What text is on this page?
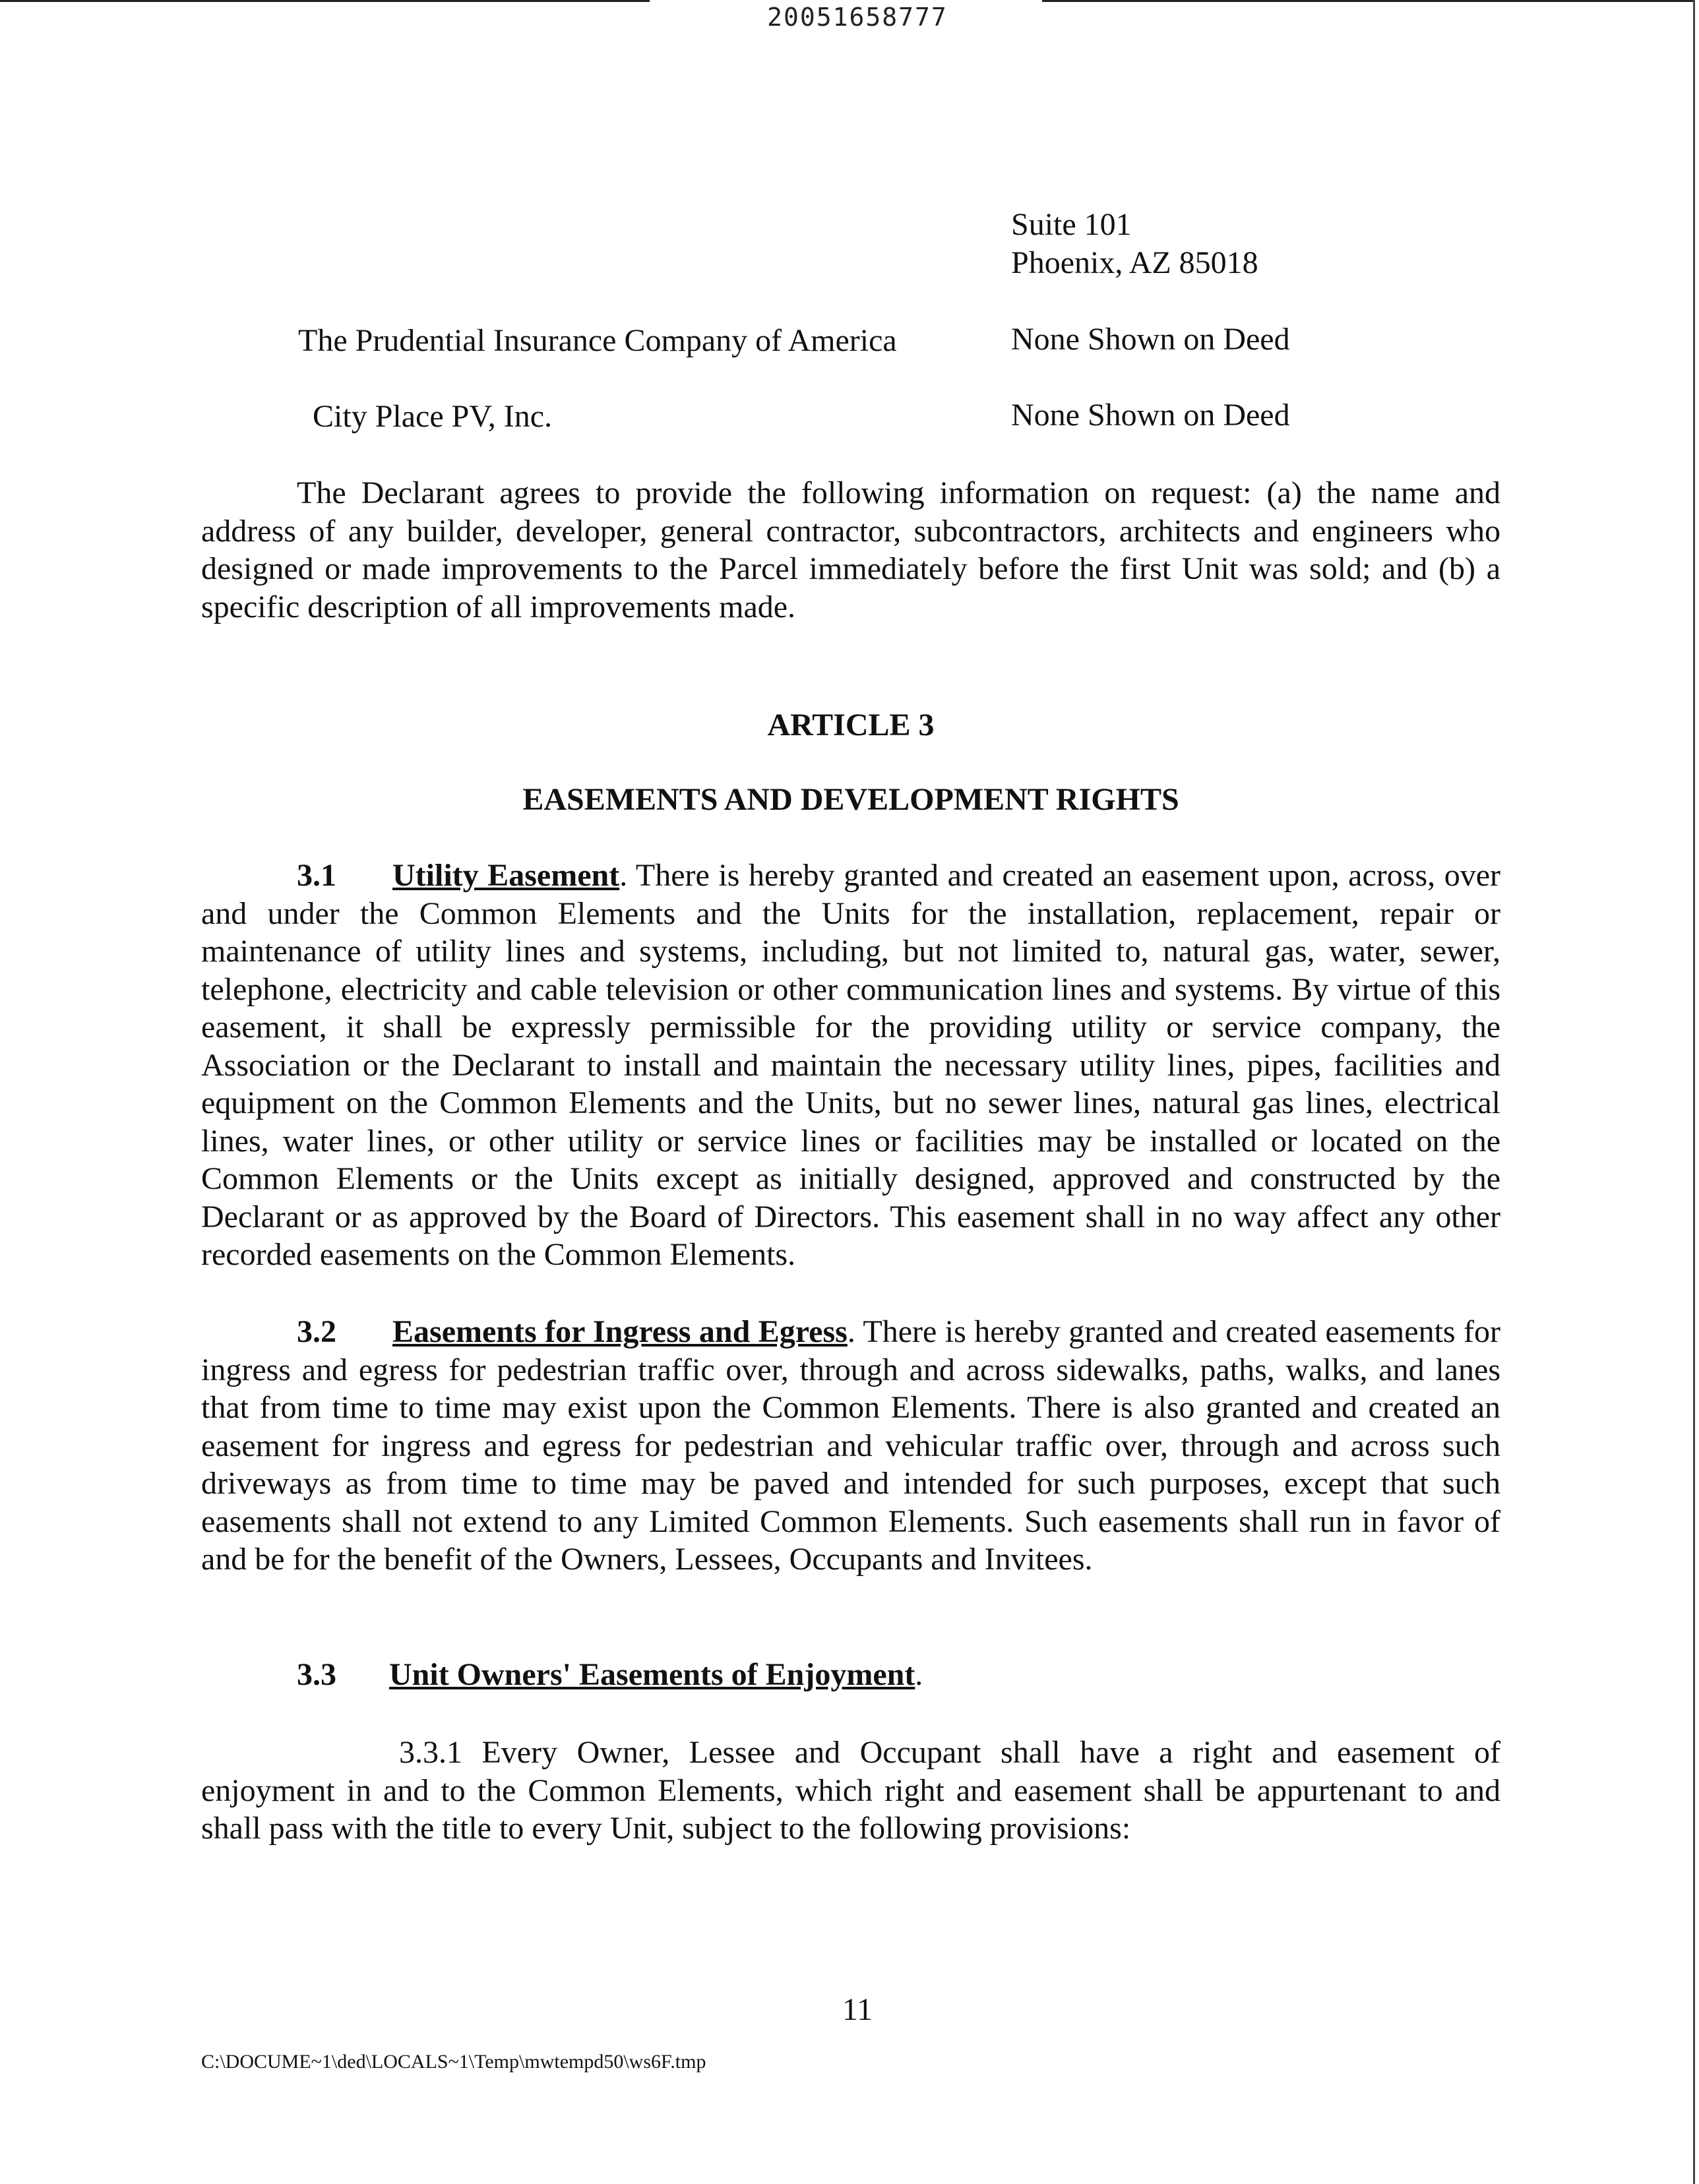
20051658777
Suite 101
Phoenix, AZ 85018
The Prudential Insurance Company of America	None Shown on Deed
City Place PV, Inc.	None Shown on Deed
The Declarant agrees to provide the following information on request: (a) the name and address of any builder, developer, general contractor, subcontractors, architects and engineers who designed or made improvements to the Parcel immediately before the first Unit was sold; and (b) a specific description of all improvements made.
ARTICLE 3
EASEMENTS AND DEVELOPMENT RIGHTS
3.1 Utility Easement. There is hereby granted and created an easement upon, across, over and under the Common Elements and the Units for the installation, replacement, repair or maintenance of utility lines and systems, including, but not limited to, natural gas, water, sewer, telephone, electricity and cable television or other communication lines and systems. By virtue of this easement, it shall be expressly permissible for the providing utility or service company, the Association or the Declarant to install and maintain the necessary utility lines, pipes, facilities and equipment on the Common Elements and the Units, but no sewer lines, natural gas lines, electrical lines, water lines, or other utility or service lines or facilities may be installed or located on the Common Elements or the Units except as initially designed, approved and constructed by the Declarant or as approved by the Board of Directors. This easement shall in no way affect any other recorded easements on the Common Elements.
3.2 Easements for Ingress and Egress. There is hereby granted and created easements for ingress and egress for pedestrian traffic over, through and across sidewalks, paths, walks, and lanes that from time to time may exist upon the Common Elements. There is also granted and created an easement for ingress and egress for pedestrian and vehicular traffic over, through and across such driveways as from time to time may be paved and intended for such purposes, except that such easements shall not extend to any Limited Common Elements. Such easements shall run in favor of and be for the benefit of the Owners, Lessees, Occupants and Invitees.
3.3 Unit Owners' Easements of Enjoyment.
3.3.1 Every Owner, Lessee and Occupant shall have a right and easement of enjoyment in and to the Common Elements, which right and easement shall be appurtenant to and shall pass with the title to every Unit, subject to the following provisions:
11
C:\DOCUME~1\ded\LOCALS~1\Temp\mwtempd50\ws6F.tmp
